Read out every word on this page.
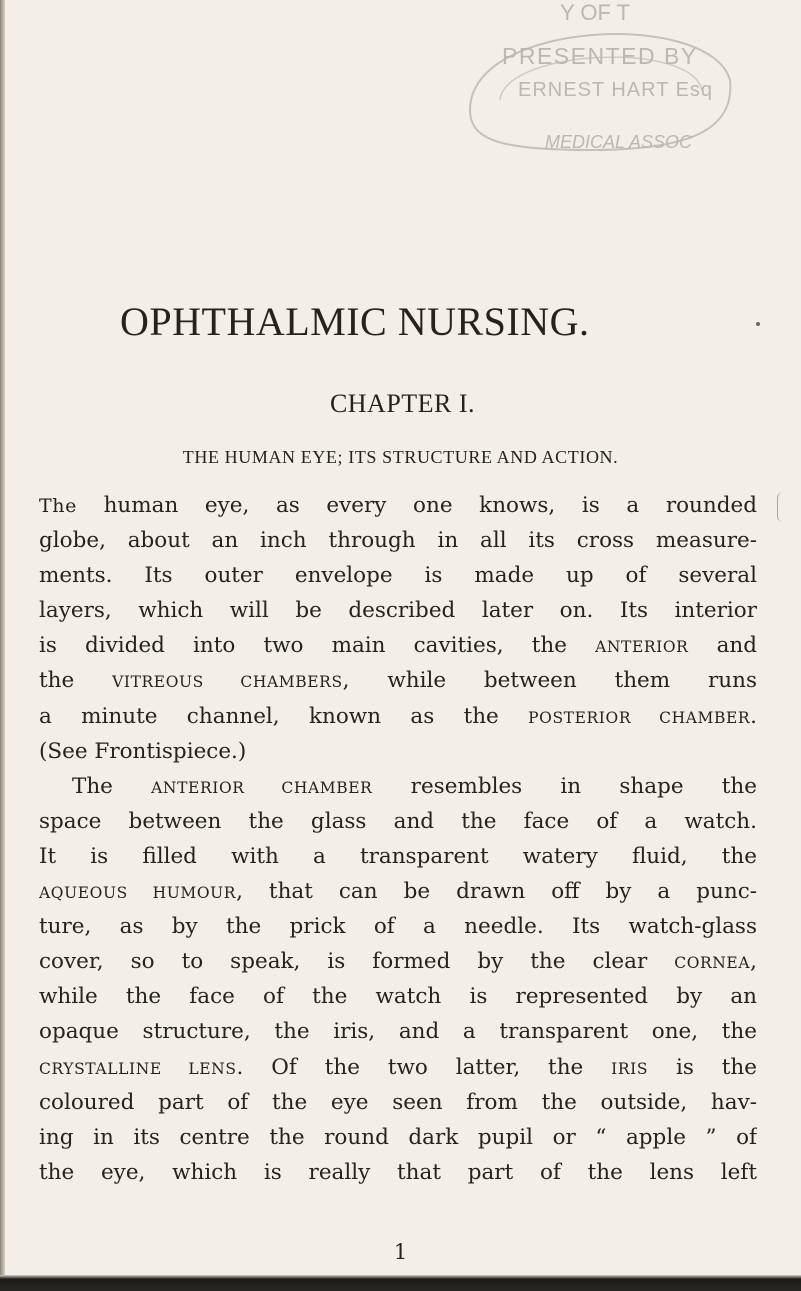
Y OF T
PRESENTED BY
ERNEST HART Esq
MEDICAL ASSOC
OPHTHALMIC NURSING.
CHAPTER I.
THE HUMAN EYE; ITS STRUCTURE AND ACTION.
The human eye, as every one knows, is a rounded
globe, about an inch through in all its cross measure-
ments. Its outer envelope is made up of several
layers, which will be described later on. Its interior
is divided into two main cavities, the ANTERIOR and
the VITREOUS CHAMBERS, while between them runs
a minute channel, known as the POSTERIOR CHAMBER.
(See Frontispiece.)
The ANTERIOR CHAMBER resembles in shape the
space between the glass and the face of a watch.
It is filled with a transparent watery fluid, the
AQUEOUS HUMOUR, that can be drawn off by a punc-
ture, as by the prick of a needle. Its watch-glass
cover, so to speak, is formed by the clear CORNEA,
while the face of the watch is represented by an
opaque structure, the iris, and a transparent one, the
CRYSTALLINE LENS. Of the two latter, the IRIS is the
coloured part of the eye seen from the outside, hav-
ing in its centre the round dark pupil or “ apple ” of
the eye, which is really that part of the lens left
1
